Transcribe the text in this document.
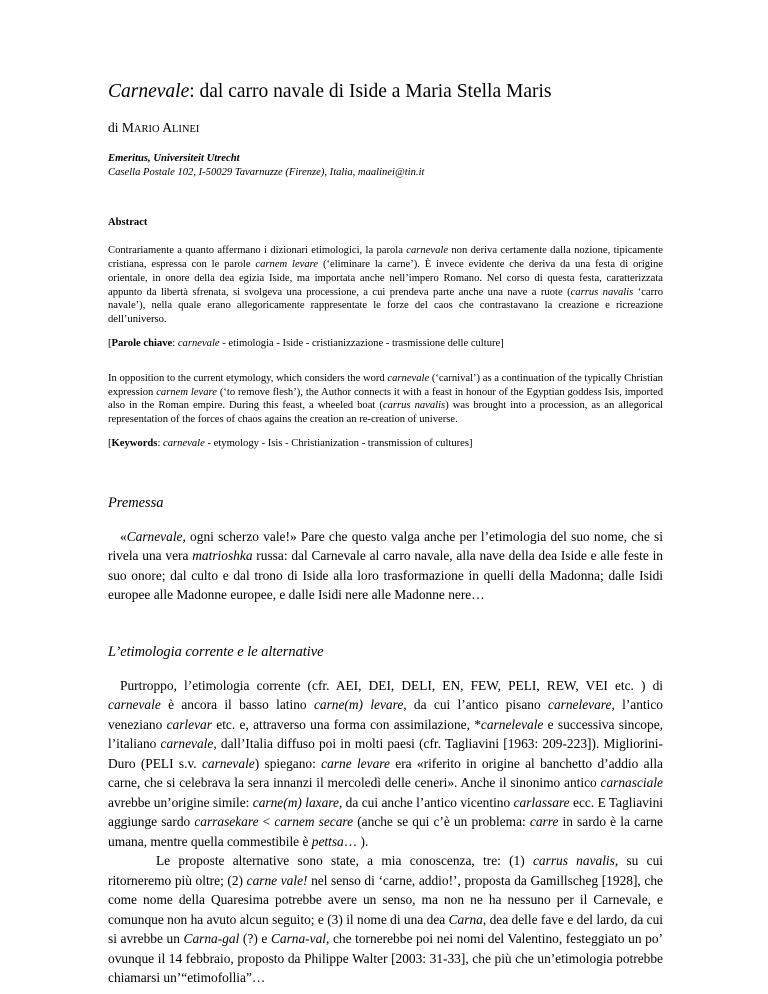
Carnevale: dal carro navale di Iside a Maria Stella Maris
di MARIO ALINEI
Emeritus, Universiteit Utrecht
Casella Postale 102, I-50029 Tavarnuzze (Firenze), Italia, maalinei@tin.it
Abstract

Contrariamente a quanto affermano i dizionari etimologici, la parola carnevale non deriva certamente dalla nozione, tipicamente cristiana, espressa con le parole carnem levare (‘eliminare la carne’). È invece evidente che deriva da una festa di origine orientale, in onore della dea egizia Iside, ma importata anche nell’impero Romano. Nel corso di questa festa, caratterizzata appunto da libertà sfrenata, si svolgeva una processione, a cui prendeva parte anche una nave a ruote (carrus navalis ‘carro navale’), nella quale erano allegoricamente rappresentate le forze del caos che contrastavano la creazione e ricreazione dell’universo.

[Parole chiave: carnevale - etimologia - Iside - cristianizzazione - trasmissione delle culture]

In opposition to the current etymology, which considers the word carnevale (‘carnival’) as a continuation of the typically Christian expression carnem levare (‘to remove flesh’), the Author connects it with a feast in honour of the Egyptian goddess Isis, imported also in the Roman empire. During this feast, a wheeled boat (carrus navalis) was brought into a procession, as an allegorical representation of the forces of chaos agains the creation an re-creation of universe.

[Keywords: carnevale - etymology - Isis - Christianization - transmission of cultures]

Premessa

«Carnevale, ogni scherzo vale!» Pare che questo valga anche per l’etimologia del suo nome, che si rivela una vera matrioshka russa: dal Carnevale al carro navale, alla nave della dea Iside e alle feste in suo onore; dal culto e dal trono di Iside alla loro trasformazione in quelli della Madonna; dalle Isidi europee alle Madonne europee, e dalle Isidi nere alle Madonne nere…

L’etimologia corrente e le alternative

Purtroppo, l’etimologia corrente (cfr. AEI, DEI, DELI, EN, FEW, PELI, REW, VEI etc. ) di carnevale è ancora il basso latino carne(m) levare, da cui l’antico pisano carnelevare, l’antico veneziano carlevar etc. e, attraverso una forma con assimilazione, *carnelevale e successiva sincope, l’italiano carnevale, dall’Italia diffuso poi in molti paesi (cfr. Tagliavini [1963: 209-223]). Migliorini-Duro (PELI s.v. carnevale) spiegano: carne levare era «riferito in origine al banchetto d’addio alla carne, che si celebrava la sera innanzi il mercoledì delle ceneri». Anche il sinonimo antico carnasciale avrebbe un’origine simile: carne(m) laxare, da cui anche l’antico vicentino carlassare ecc. E Tagliavini aggiunge sardo carrasekare < carnem secare (anche se qui c’è un problema: carre in sardo è la carne umana, mentre quella commestibile è pettsa… ).

Le proposte alternative sono state, a mia conoscenza, tre: (1) carrus navalis, su cui ritorneremo più oltre; (2) carne vale! nel senso di ‘carne, addio!’, proposta da Gamillscheg [1928], che come nome della Quaresima potrebbe avere un senso, ma non ne ha nessuno per il Carnevale, e comunque non ha avuto alcun seguito; e (3) il nome di una dea Carna, dea delle fave e del lardo, da cui si avrebbe un Carna-gal (?) e Carna-val, che tornerebbe poi nei nomi del Valentino, festeggiato un po’ ovunque il 14 febbraio, proposto da Philippe Walter [2003: 31-33], che più che un’etimologia potrebbe chiamarsi un’“etimofollia”…
